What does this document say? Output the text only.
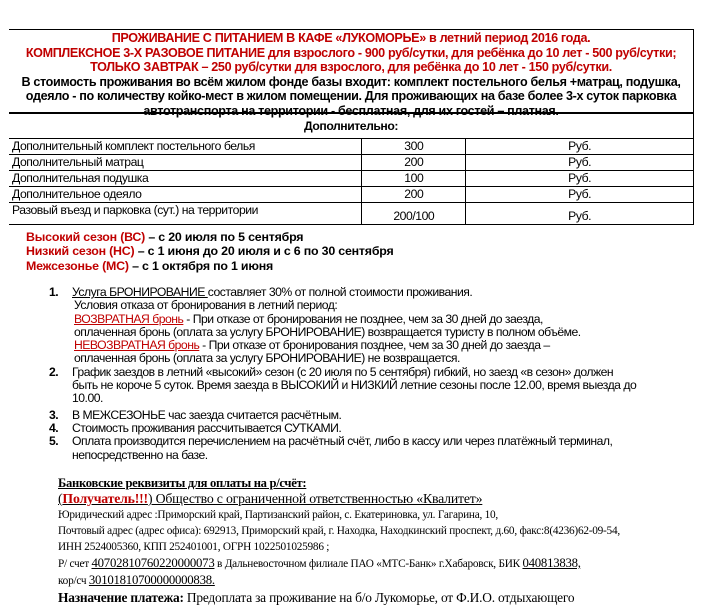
ПРОЖИВАНИЕ С ПИТАНИЕМ В КАФЕ «ЛУКОМОРЬЕ» в летний период 2016 года.
КОМПЛЕКСНОЕ 3-Х РАЗОВОЕ ПИТАНИЕ для взрослого - 900 руб/сутки, для ребёнка до 10 лет - 500 руб/сутки;
ТОЛЬКО ЗАВТРАК – 250 руб/сутки для взрослого, для ребёнка до 10 лет - 150 руб/сутки.
В стоимость проживания во всём жилом фонде базы входит: комплект постельного белья +матрац, подушка,
одеяло - по количеству койко-мест в жилом помещении. Для проживающих на базе более 3-х суток парковка
автотранспорта на территории - бесплатная, для их гостей – платная.
Дополнительно:		
Дополнительный комплект постельного белья	300	Руб.
Дополнительный матрац	200	Руб.
Дополнительная подушка	100	Руб.
Дополнительное одеяло	200	Руб.
Разовый въезд и парковка (сут.) на территории	200/100	Руб.
Высокий сезон (ВС) – с 20 июля по 5 сентября
Низкий сезон (НС) – с 1 июня до 20 июля и с 6 по 30 сентября
Межсезонье (МС) – с 1 октября по 1 июня
1. Услуга БРОНИРОВАНИЕ составляет 30% от полной стоимости проживания.
Условия отказа от бронирования в летний период:
ВОЗВРАТНАЯ бронь - При отказе от бронирования не позднее, чем за 30 дней до заезда,
оплаченная бронь (оплата за услугу БРОНИРОВАНИЕ) возвращается туристу в полном объёме.
НЕВОЗВРАТНАЯ бронь - При отказе от бронирования позднее, чем за 30 дней до заезда –
оплаченная бронь (оплата за услугу БРОНИРОВАНИЕ) не возвращается.
2. График заездов в летний «высокий» сезон (с 20 июля по 5 сентября) гибкий, но заезд «в сезон» должен
быть не короче 5 суток. Время заезда в ВЫСОКИЙ и НИЗКИЙ летние сезоны после 12.00, время выезда до
10.00.
3. В МЕЖСЕЗОНЬЕ час заезда считается расчётным.
4. Стоимость проживания рассчитывается СУТКАМИ.
5. Оплата производится перечислением на расчётный счёт, либо в кассу или через платёжный терминал,
непосредственно на базе.
Банковские реквизиты для оплаты на р/счёт:
(Получатель!!!) Общество с ограниченной ответственностью «Квалитет»
Юридический адрес :Приморский край, Партизанский район, с. Екатериновка, ул. Гагарина, 10,
Почтовый адрес (адрес офиса): 692913, Приморский край, г. Находка, Находкинский проспект, д.60, факс:8(4236)62-09-54,
ИНН 2524005360, КПП 252401001, ОГРН 1022501025986 ;
Р/ счет 40702810760220000073 в Дальневосточном филиале ПАО «МТС-Банк» г.Хабаровск, БИК 040813838,
кор/сч 30101810700000000838.
Назначение платежа: Предоплата за проживание на б/о Лукоморье, от Ф.И.О. отдыхающего
